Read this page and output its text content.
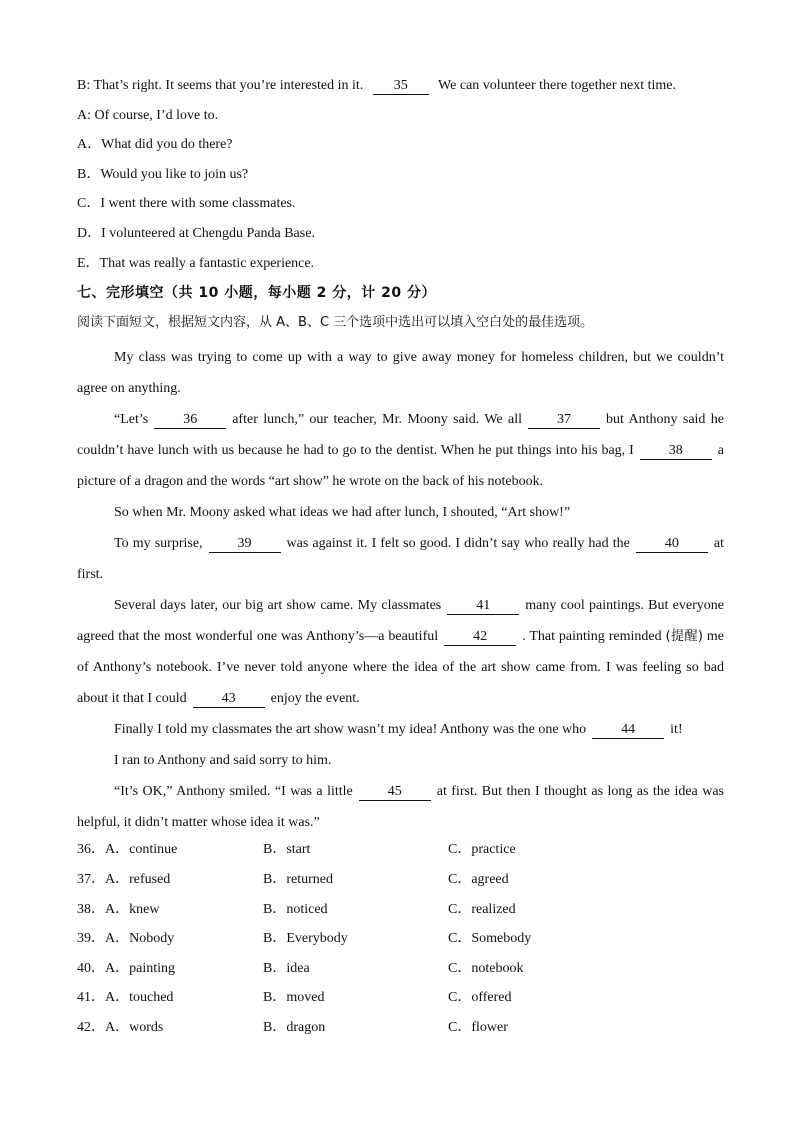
B: That’s right. It seems that you’re interested in it. 35 We can volunteer there together next time.
A: Of course, I’d love to.
A．What did you do there?
B．Would you like to join us?
C．I went there with some classmates.
D．I volunteered at Chengdu Panda Base.
E．That was really a fantastic experience.
七、完形填空（共 10 小题，每小题 2 分，计 20 分）
阅读下面短文，根据短文内容，从 A、B、C 三个选项中选出可以填入空白处的最佳选项。

My class was trying to come up with a way to give away money for homeless children, but we couldn’t agree on anything.

“Let’s	36	after lunch,” our teacher, Mr. Moony said. We all	37	but Anthony said he couldn’t have lunch with us because he had to go to the dentist. When he put things into his bag, I	38	a picture of a dragon and the words “art show” he wrote on the back of his notebook.

So when Mr. Moony asked what ideas we had after lunch, I shouted, “Art show!”

To my surprise,	39	was against it. I felt so good. I didn’t say who really had the	40	at first.

Several days later, our big art show came. My classmates	41	many cool paintings. But everyone agreed that the most wonderful one was Anthony’s—a beautiful	42	. That painting reminded (提醒) me of Anthony’s notebook. I’ve never told anyone where the idea of the art show came from. I was feeling so bad about it that I could	43	enjoy the event.

Finally I told my classmates the art show wasn’t my idea! Anthony was the one who	44	it!

I ran to Anthony and said sorry to him.

“It’s OK,” Anthony smiled. “I was a little	45	at first. But then I thought as long as the idea was helpful, it didn’t matter whose idea it was.”

36． A．continue	B．start	C．practice
37． A．refused	B．returned	C．agreed
38． A．knew	B．noticed	C．realized
39． A．Nobody	B．Everybody	C．Somebody
40． A．painting	B．idea	C．notebook
41． A．touched	B．moved	C．offered
42． A．words	B．dragon	C．flower
